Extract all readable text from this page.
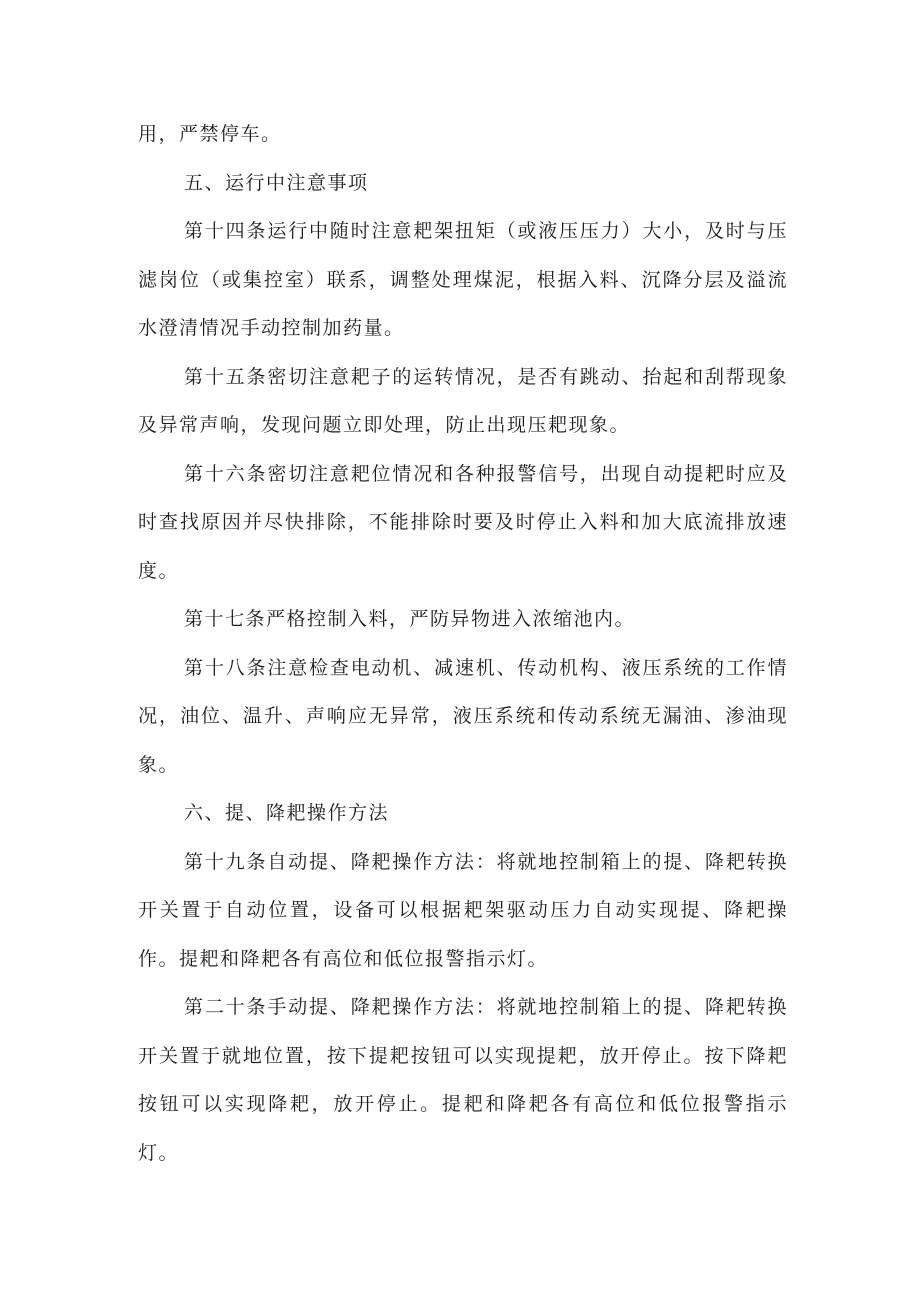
用，严禁停车。

五、运行中注意事项

第十四条运行中随时注意耙架扭矩（或液压压力）大小，及时与压滤岗位（或集控室）联系，调整处理煤泥，根据入料、沉降分层及溢流水澄清情况手动控制加药量。

第十五条密切注意耙子的运转情况，是否有跳动、抬起和刮帮现象及异常声响，发现问题立即处理，防止出现压耙现象。

第十六条密切注意耙位情况和各种报警信号，出现自动提耙时应及时查找原因并尽快排除，不能排除时要及时停止入料和加大底流排放速度。

第十七条严格控制入料，严防异物进入浓缩池内。

第十八条注意检查电动机、减速机、传动机构、液压系统的工作情况，油位、温升、声响应无异常，液压系统和传动系统无漏油、渗油现象。

六、提、降耙操作方法

第十九条自动提、降耙操作方法：将就地控制箱上的提、降耙转换开关置于自动位置，设备可以根据耙架驱动压力自动实现提、降耙操作。提耙和降耙各有高位和低位报警指示灯。

第二十条手动提、降耙操作方法：将就地控制箱上的提、降耙转换开关置于就地位置，按下提耙按钮可以实现提耙，放开停止。按下降耙按钮可以实现降耙，放开停止。提耙和降耙各有高位和低位报警指示灯。
